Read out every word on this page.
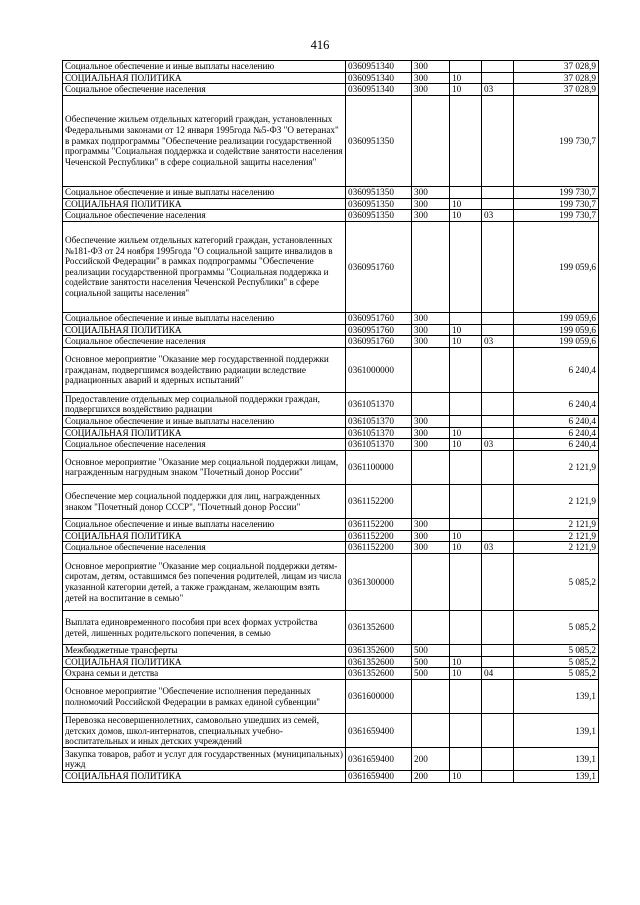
416
Социальное обеспечение и иные выплаты населению	0360951340	300			37 028,9
СОЦИАЛЬНАЯ ПОЛИТИКА	0360951340	300	10		37 028,9
Социальное обеспечение населения	0360951340	300	10	03	37 028,9
Обеспечение жильем отдельных категорий граждан, установленных Федеральными законами от 12 января 1995года №5-ФЗ "О ветеранах" в рамках подпрограммы "Обеспечение реализации государственной программы "Социальная поддержка и содействие занятости населения Чеченской Республики" в сфере социальной защиты населения"	0360951350				199 730,7
Социальное обеспечение и иные выплаты населению	0360951350	300			199 730,7
СОЦИАЛЬНАЯ ПОЛИТИКА	0360951350	300	10		199 730,7
Социальное обеспечение населения	0360951350	300	10	03	199 730,7
Обеспечение жильем отдельных категорий граждан, установленных №181-ФЗ от 24 ноября 1995года "О социальной защите инвалидов в Российской Федерации" в рамках подпрограммы "Обеспечение реализации государственной программы "Социальная поддержка и содействие занятости населения Чеченской Республики" в сфере социальной защиты населения"	0360951760				199 059,6
Социальное обеспечение и иные выплаты населению	0360951760	300			199 059,6
СОЦИАЛЬНАЯ ПОЛИТИКА	0360951760	300	10		199 059,6
Социальное обеспечение населения	0360951760	300	10	03	199 059,6
Основное мероприятие "Оказание мер государственной поддержки гражданам, подвергшимся воздействию радиации вследствие радиационных аварий и ядерных испытаний"	0361000000				6 240,4
Предоставление отдельных мер социальной поддержки граждан, подвергшихся воздействию радиации	0361051370				6 240,4
Социальное обеспечение и иные выплаты населению	0361051370	300			6 240,4
СОЦИАЛЬНАЯ ПОЛИТИКА	0361051370	300	10		6 240,4
Социальное обеспечение населения	0361051370	300	10	03	6 240,4
Основное мероприятие "Оказание мер социальной поддержки лицам, награжденным нагрудным знаком "Почетный донор России"	0361100000				2 121,9
Обеспечение мер социальной поддержки для лиц, награжденных знаком "Почетный донор СССР", "Почетный донор России"	0361152200				2 121,9
Социальное обеспечение и иные выплаты населению	0361152200	300			2 121,9
СОЦИАЛЬНАЯ ПОЛИТИКА	0361152200	300	10		2 121,9
Социальное обеспечение населения	0361152200	300	10	03	2 121,9
Основное мероприятие "Оказание мер социальной поддержки детям-сиротам, детям, оставшимся без попечения родителей, лицам из числа указанной категории детей, а также гражданам, желающим взять детей на воспитание в семью"	0361300000				5 085,2
Выплата единовременного пособия при всех формах устройства детей, лишенных родительского попечения, в семью	0361352600				5 085,2
Межбюджетные трансферты	0361352600	500			5 085,2
СОЦИАЛЬНАЯ ПОЛИТИКА	0361352600	500	10		5 085,2
Охрана семьи и детства	0361352600	500	10	04	5 085,2
Основное мероприятие "Обеспечение исполнения переданных полномочий Российской Федерации в рамках единой субвенции"	0361600000				139,1
Перевозка несовершеннолетних, самовольно ушедших из семей, детских домов, школ-интернатов, специальных учебно-воспитательных и иных детских учреждений	0361659400				139,1
Закупка товаров, работ и услуг для государственных (муниципальных) нужд	0361659400	200			139,1
СОЦИАЛЬНАЯ ПОЛИТИКА	0361659400	200	10		139,1
